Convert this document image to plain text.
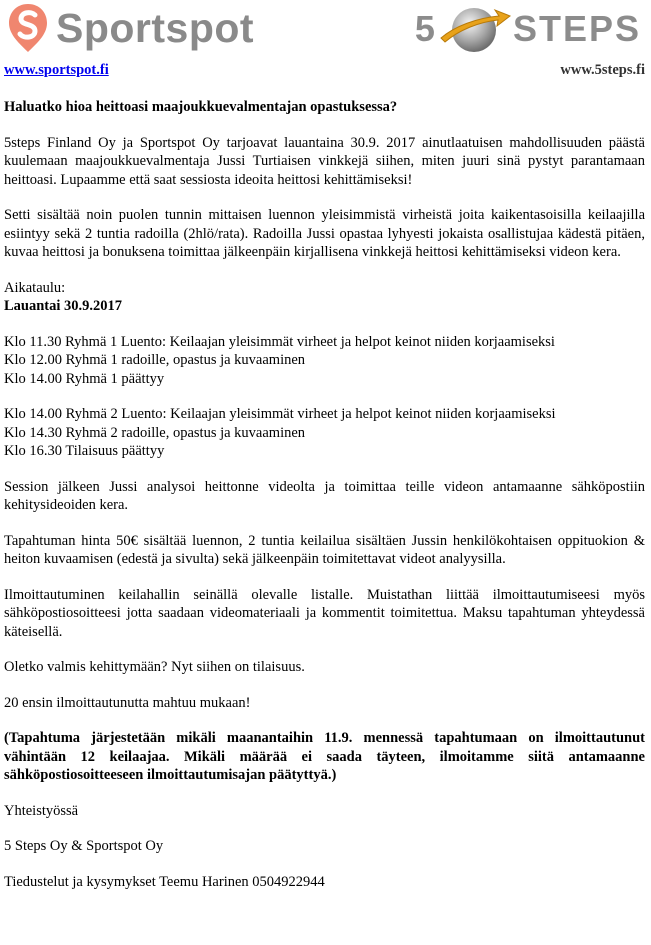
Sportspot	5 STEPS
www.sportspot.fi	www.5steps.fi

Haluatko hioa heittoasi maajoukkuevalmentajan opastuksessa?

5steps Finland Oy ja Sportspot Oy tarjoavat lauantaina 30.9. 2017 ainutlaatuisen mahdollisuuden päästä kuulemaan maajoukkuevalmentaja Jussi Turtiaisen vinkkejä siihen, miten juuri sinä pystyt parantamaan heittoasi. Lupaamme että saat sessiosta ideoita heittosi kehittämiseksi!

Setti sisältää noin puolen tunnin mittaisen luennon yleisimmistä virheistä joita kaikentasoisilla keilaajilla esiintyy sekä 2 tuntia radoilla (2hlö/rata). Radoilla Jussi opastaa lyhyesti jokaista osallistujaa kädestä pitäen, kuvaa heittosi ja bonuksena toimittaa jälkeenpäin kirjallisena vinkkejä heittosi kehittämiseksi videon kera.

Aikataulu:

Lauantai 30.9.2017

Klo 11.30 Ryhmä 1 Luento: Keilaajan yleisimmät virheet ja helpot keinot niiden korjaamiseksi

Klo 12.00 Ryhmä 1 radoille, opastus ja kuvaaminen

Klo 14.00 Ryhmä 1 päättyy

Klo 14.00 Ryhmä 2 Luento: Keilaajan yleisimmät virheet ja helpot keinot niiden korjaamiseksi

Klo 14.30 Ryhmä 2 radoille, opastus ja kuvaaminen

Klo 16.30 Tilaisuus päättyy

Session jälkeen Jussi analysoi heittonne videolta ja toimittaa teille videon antamaanne sähköpostiin kehitysideoiden kera.

Tapahtuman hinta 50€ sisältää luennon, 2 tuntia keilailua sisältäen Jussin henkilökohtaisen oppituokion & heiton kuvaamisen (edestä ja sivulta) sekä jälkeenpäin toimitettavat videot analyysilla.

Ilmoittautuminen keilahallin seinällä olevalle listalle. Muistathan liittää ilmoittautumiseesi myös sähköpostiosoitteesi jotta saadaan videomateriaali ja kommentit toimitettua. Maksu tapahtuman yhteydessä käteisellä.

Oletko valmis kehittymään? Nyt siihen on tilaisuus.

20 ensin ilmoittautunutta mahtuu mukaan!

(Tapahtuma järjestetään mikäli maanantaihin 11.9. mennessä tapahtumaan on ilmoittautunut vähintään 12 keilaajaa. Mikäli määrää ei saada täyteen, ilmoitamme siitä antamaanne sähköpostiosoitteeseen ilmoittautumisajan päätyttyä.)

Yhteistyössä

5 Steps Oy & Sportspot Oy

Tiedustelut ja kysymykset Teemu Harinen 0504922944
